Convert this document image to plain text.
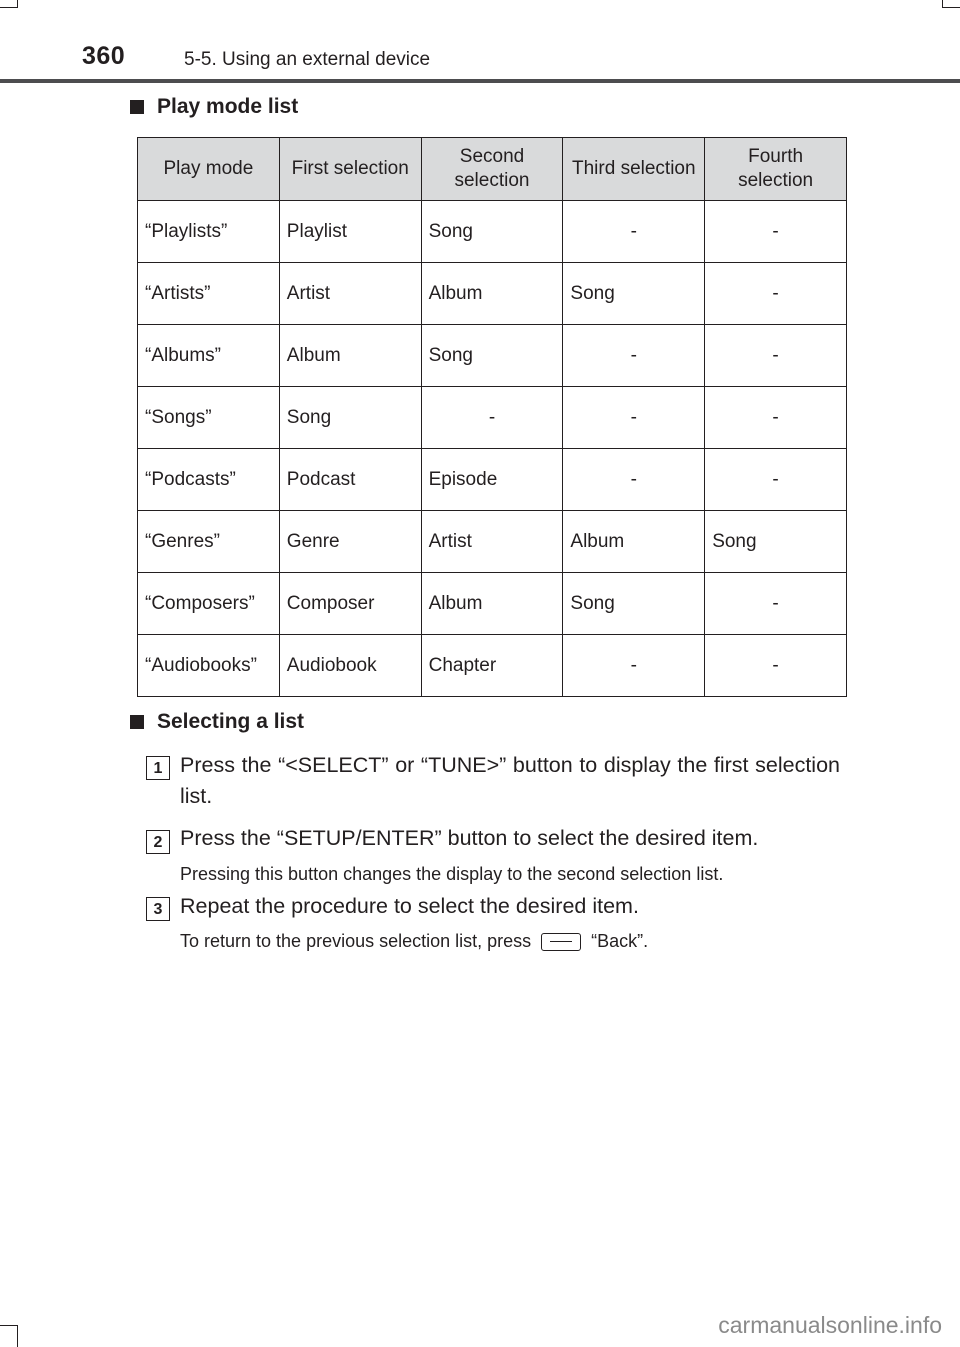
360	5-5. Using an external device
Play mode list
Play mode	First selection	Second selection	Third selection	Fourth selection
“Playlists”	Playlist	Song	-	-
“Artists”	Artist	Album	Song	-
“Albums”	Album	Song	-	-
“Songs”	Song	-	-	-
“Podcasts”	Podcast	Episode	-	-
“Genres”	Genre	Artist	Album	Song
“Composers”	Composer	Album	Song	-
“Audiobooks”	Audiobook	Chapter	-	-
Selecting a list
1 Press the “<SELECT” or “TUNE>” button to display the first selection list.
2 Press the “SETUP/ENTER” button to select the desired item.
Pressing this button changes the display to the second selection list.
3 Repeat the procedure to select the desired item.
To return to the previous selection list, press	“Back”.
carmanualsonline.info
